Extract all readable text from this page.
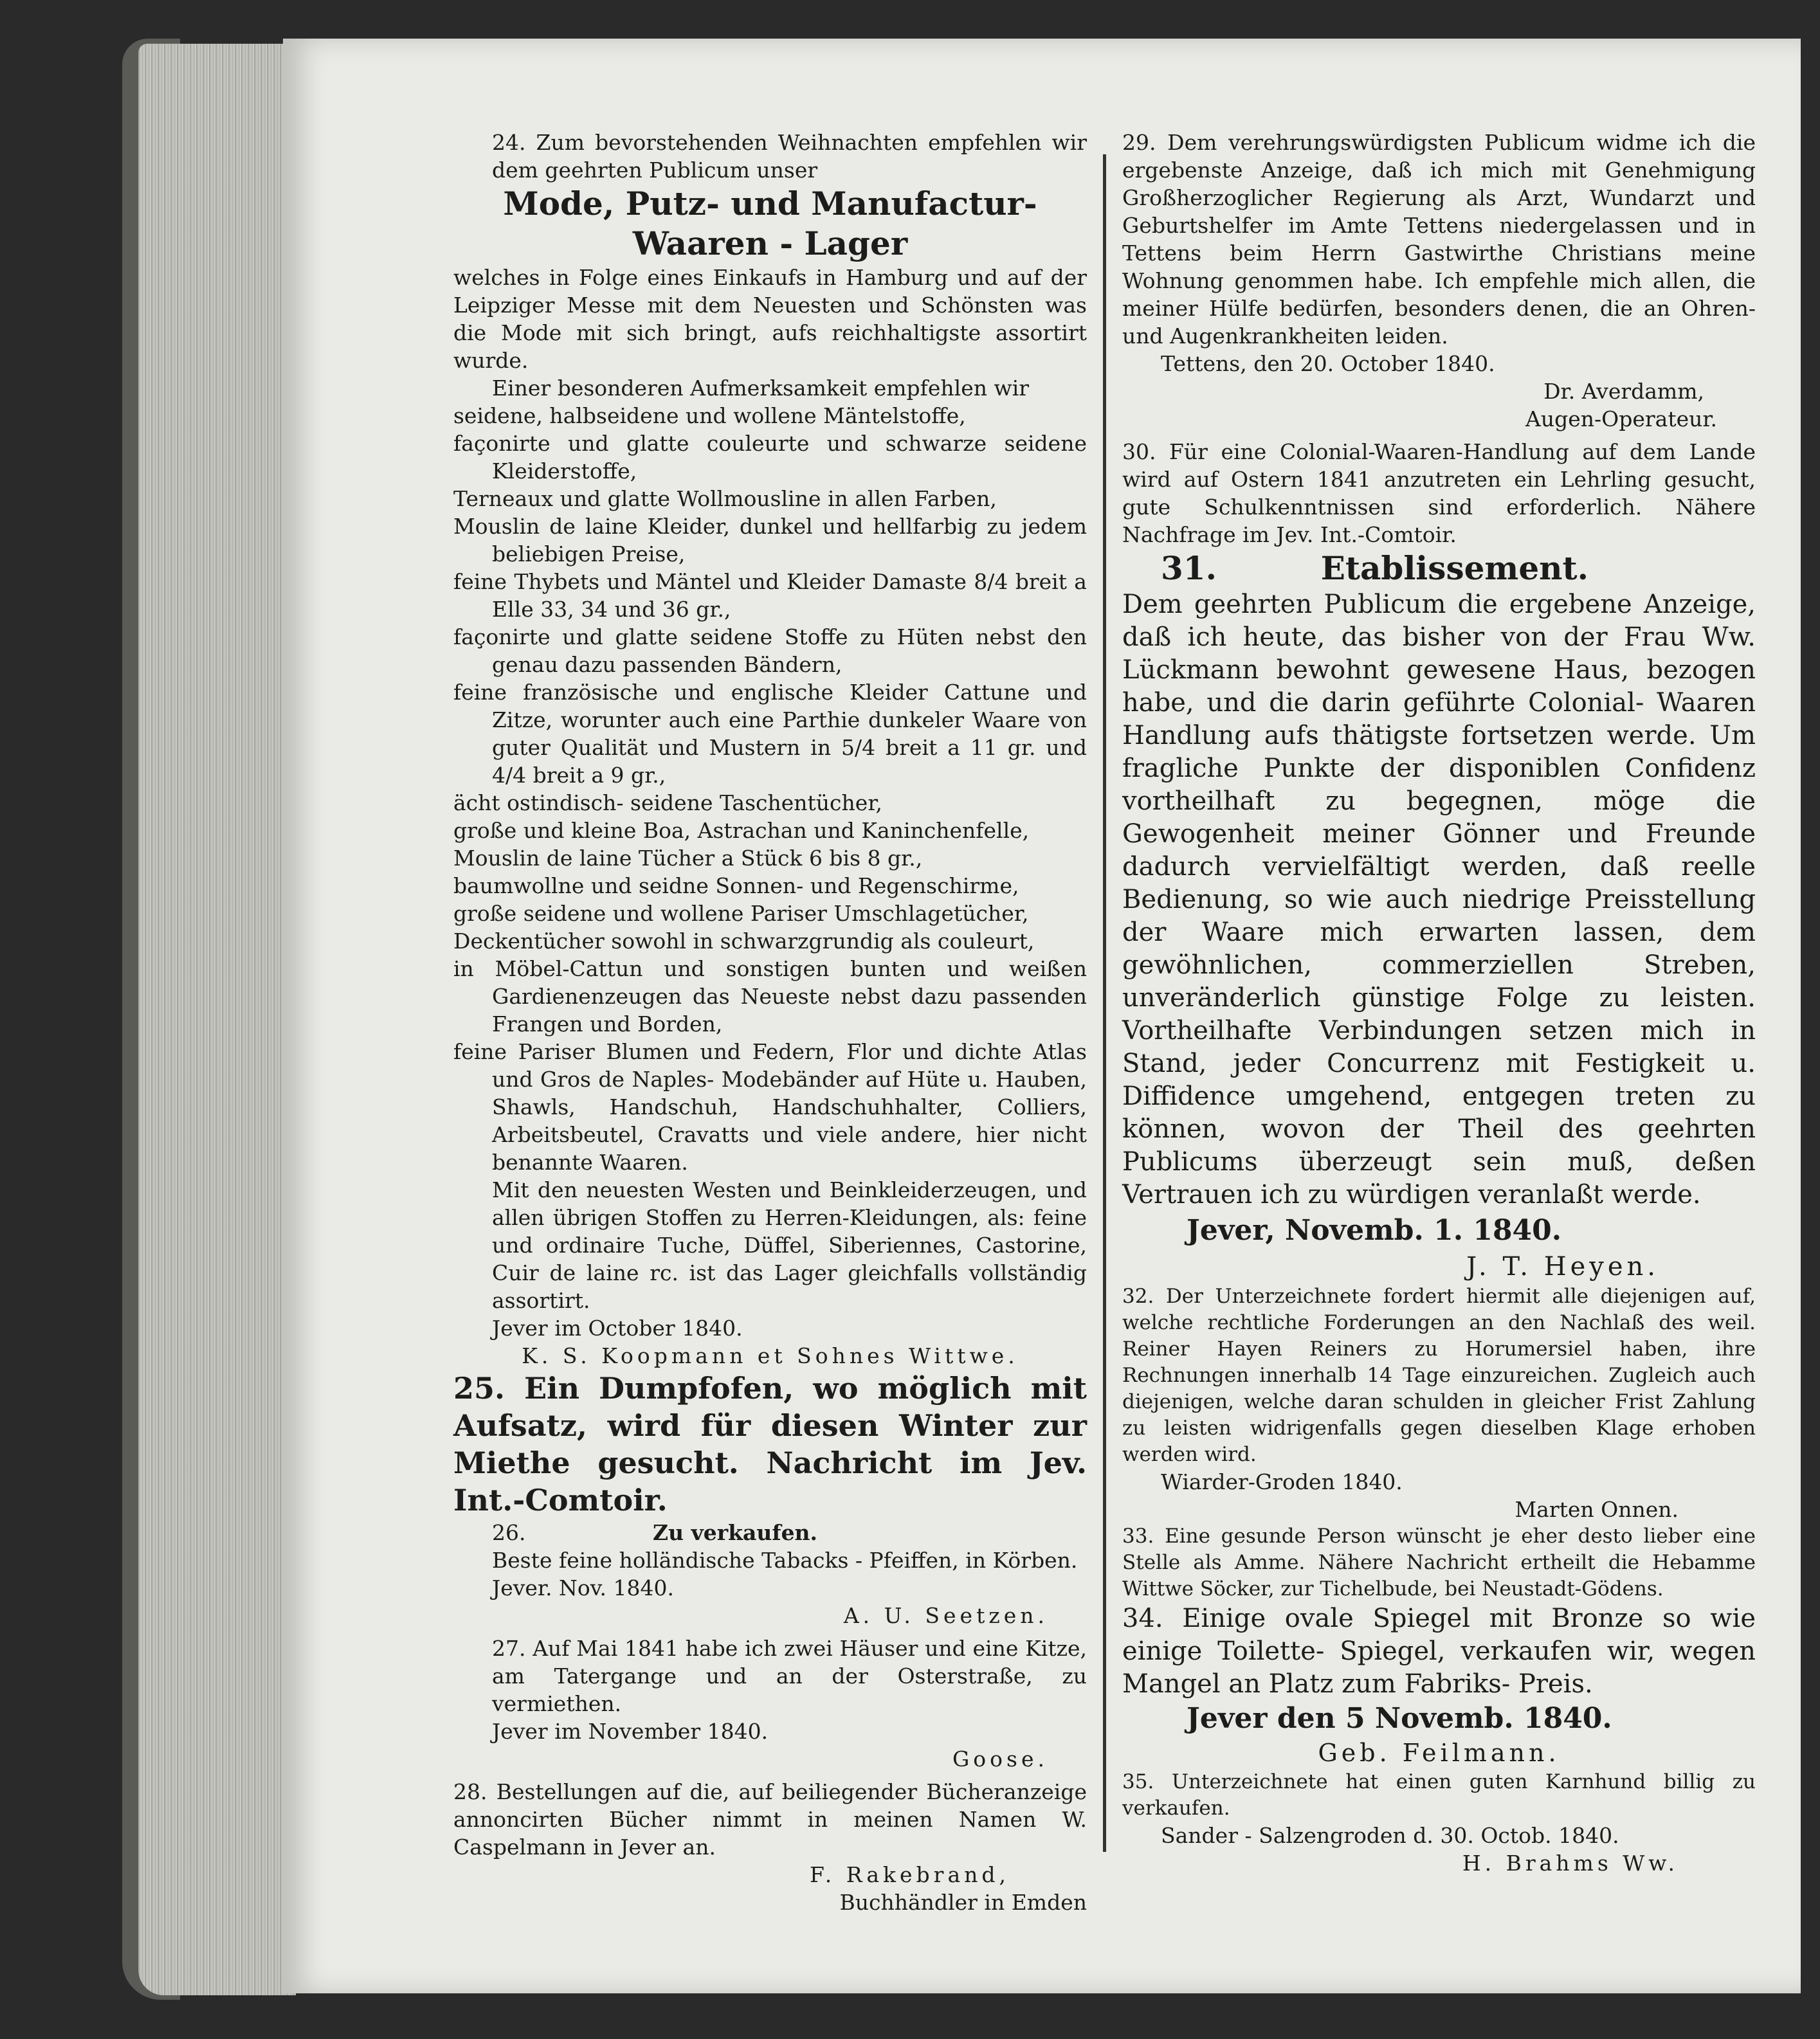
24. Zum bevorstehenden Weihnachten empfehlen wir dem geehrten Publicum unser

Mode, Putz- und Manufactur-Waaren - Lager

welches in Folge eines Einkaufs in Hamburg und auf der Leipziger Messe mit dem Neuesten und Schönsten was die Mode mit sich bringt, aufs reichhaltigste assortirt wurde.

Einer besonderen Aufmerksamkeit empfehlen wir

seidene, halbseidene und wollene Mäntelstoffe,

façonirte und glatte couleurte und schwarze seidene Kleiderstoffe,

Terneaux und glatte Wollmousline in allen Farben,

Mouslin de laine Kleider, dunkel und hellfarbig zu jedem beliebigen Preise,

feine Thybets und Mäntel und Kleider Damaste 8/4 breit a Elle 33, 34 und 36 gr.,

façonirte und glatte seidene Stoffe zu Hüten nebst den genau dazu passenden Bändern,

feine französische und englische Kleider Cattune und Zitze, worunter auch eine Parthie dunkeler Waare von guter Qualität und Mustern in 5/4 breit a 11 gr. und 4/4 breit a 9 gr.,

ächt ostindisch- seidene Taschentücher,

große und kleine Boa, Astrachan und Kaninchenfelle,

Mouslin de laine Tücher a Stück 6 bis 8 gr.,

baumwollne und seidne Sonnen- und Regenschirme,

große seidene und wollene Pariser Umschlagetücher,

Deckentücher sowohl in schwarzgrundig als couleurt,

in Möbel-Cattun und sonstigen bunten und weißen Gardienenzeugen das Neueste nebst dazu passenden Frangen und Borden,

feine Pariser Blumen und Federn, Flor und dichte Atlas und Gros de Naples- Modebänder auf Hüte u. Hauben, Shawls, Handschuh, Handschuhhalter, Colliers, Arbeitsbeutel, Cravatts und viele andere, hier nicht benannte Waaren.

Mit den neuesten Westen und Beinkleiderzeugen, und allen übrigen Stoffen zu Herren-Kleidungen, als: feine und ordinaire Tuche, Düffel, Siberiennes, Castorine, Cuir de laine rc. ist das Lager gleichfalls vollständig assortirt.

Jever im October 1840.

K. S. Koopmann et Sohnes Wittwe.

25. Ein Dumpfofen, wo möglich mit Aufsatz, wird für diesen Winter zur Miethe gesucht. Nachricht im Jev. Int.-Comtoir.

26.	Zu verkaufen.

Beste feine holländische Tabacks - Pfeiffen, in Körben.

Jever. Nov. 1840.

A. U. Seetzen.

27. Auf Mai 1841 habe ich zwei Häuser und eine Kitze, am Tatergange und an der Osterstraße, zu vermiethen.

Jever im November 1840.

Goose.

28. Bestellungen auf die, auf beiliegender Bücheranzeige annoncirten Bücher nimmt in meinen Namen W. Caspelmann in Jever an.

F. Rakebrand,

Buchhändler in Emden

29. Dem verehrungswürdigsten Publicum widme ich die ergebenste Anzeige, daß ich mich mit Genehmigung Großherzoglicher Regierung als Arzt, Wundarzt und Geburtshelfer im Amte Tettens niedergelassen und in Tettens beim Herrn Gastwirthe Christians meine Wohnung genommen habe. Ich empfehle mich allen, die meiner Hülfe bedürfen, besonders denen, die an Ohren- und Augenkrankheiten leiden.

Tettens, den 20. October 1840.

Dr. Averdamm,

Augen-Operateur.

30. Für eine Colonial-Waaren-Handlung auf dem Lande wird auf Ostern 1841 anzutreten ein Lehrling gesucht, gute Schulkenntnissen sind erforderlich. Nähere Nachfrage im Jev. Int.-Comtoir.

31.	Etablissement.

Dem geehrten Publicum die ergebene Anzeige, daß ich heute, das bisher von der Frau Ww. Lückmann bewohnt gewesene Haus, bezogen habe, und die darin geführte Colonial- Waaren Handlung aufs thätigste fortsetzen werde. Um fragliche Punkte der disponiblen Confidenz vortheilhaft zu begegnen, möge die Gewogenheit meiner Gönner und Freunde dadurch vervielfältigt werden, daß reelle Bedienung, so wie auch niedrige Preisstellung der Waare mich erwarten lassen, dem gewöhnlichen, commerziellen Streben, unveränderlich günstige Folge zu leisten. Vortheilhafte Verbindungen setzen mich in Stand, jeder Concurrenz mit Festigkeit u. Diffidence umgehend, entgegen treten zu können, wovon der Theil des geehrten Publicums überzeugt sein muß, deßen Vertrauen ich zu würdigen veranlaßt werde.

Jever, Novemb. 1. 1840.

J. T. Heyen.

32. Der Unterzeichnete fordert hiermit alle diejenigen auf, welche rechtliche Forderungen an den Nachlaß des weil. Reiner Hayen Reiners zu Horumersiel haben, ihre Rechnungen innerhalb 14 Tage einzureichen. Zugleich auch diejenigen, welche daran schulden in gleicher Frist Zahlung zu leisten widrigenfalls gegen dieselben Klage erhoben werden wird.

Wiarder-Groden 1840.

Marten Onnen.

33. Eine gesunde Person wünscht je eher desto lieber eine Stelle als Amme. Nähere Nachricht ertheilt die Hebamme Wittwe Söcker, zur Tichelbude, bei Neustadt-Gödens.

34. Einige ovale Spiegel mit Bronze so wie einige Toilette- Spiegel, verkaufen wir, wegen Mangel an Platz zum Fabriks- Preis.

Jever den 5 Novemb. 1840.

Geb. Feilmann.

35. Unterzeichnete hat einen guten Karnhund billig zu verkaufen.

Sander - Salzengroden d. 30. Octob. 1840.

H. Brahms Ww.
